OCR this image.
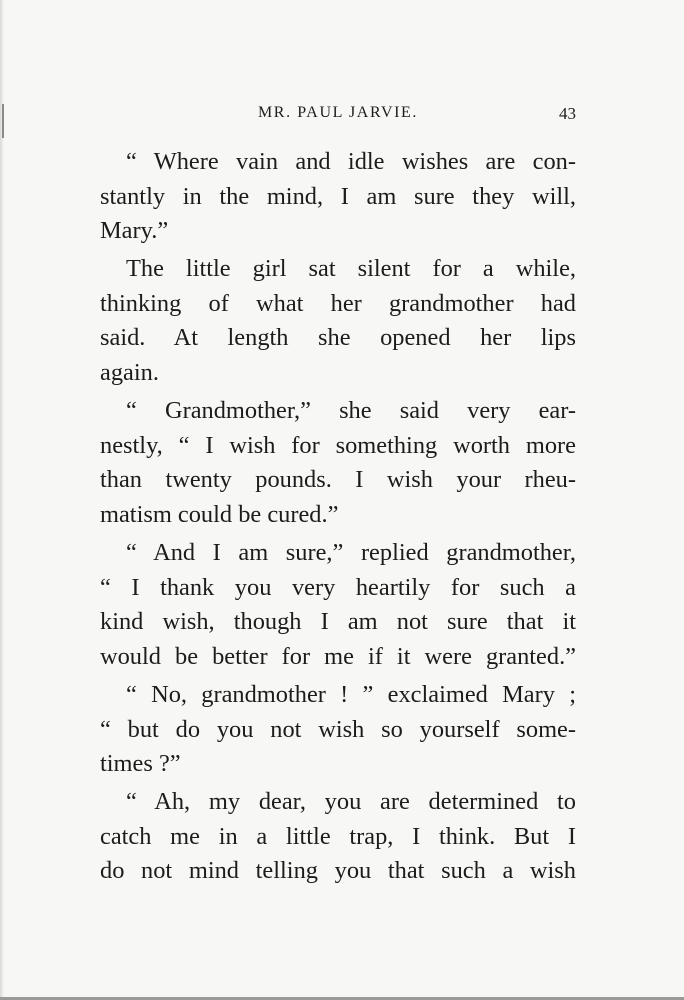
MR. PAUL JARVIE.	43
“ Where vain and idle wishes are con-
stantly in the mind, I am sure they will,
Mary.”
The little girl sat silent for a while,
thinking of what her grandmother had
said. At length she opened her lips
again.
“ Grandmother,” she said very ear-
nestly, “ I wish for something worth more
than twenty pounds. I wish your rheu-
matism could be cured.”
“ And I am sure,” replied grandmother,
“ I thank you very heartily for such a
kind wish, though I am not sure that it
would be better for me if it were granted.”
“ No, grandmother ! ” exclaimed Mary ;
“ but do you not wish so yourself some-
times ?”
“ Ah, my dear, you are determined to
catch me in a little trap, I think. But I
do not mind telling you that such a wish
